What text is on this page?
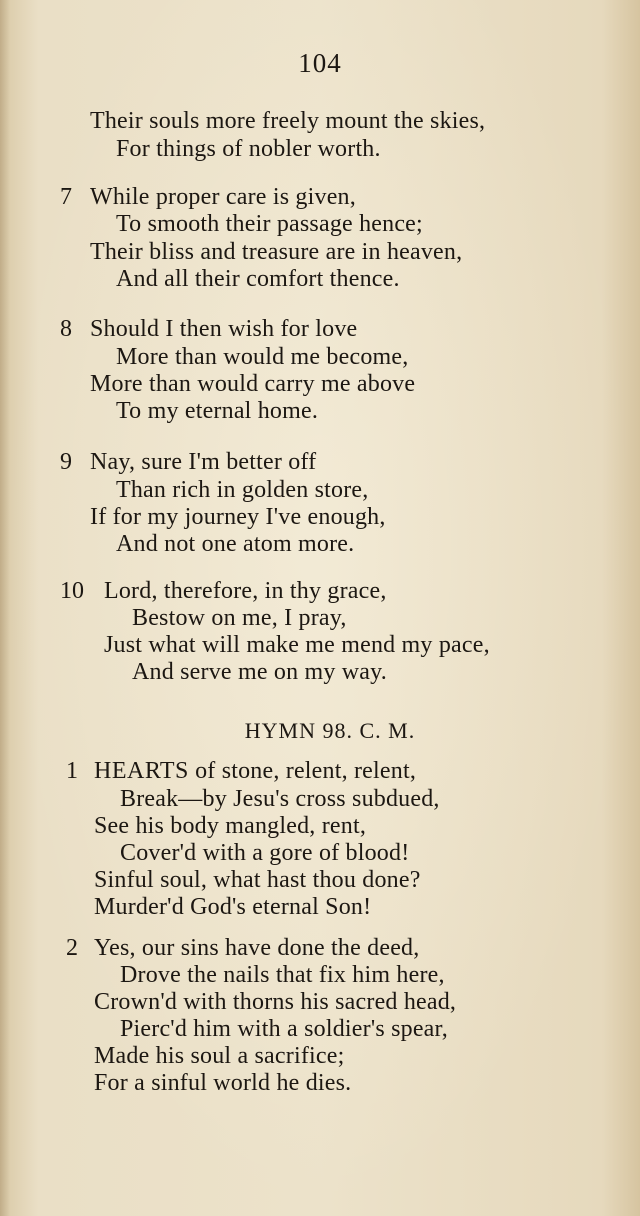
104
Their souls more freely mount the skies,
For things of nobler worth.
7 While proper care is given,
To smooth their passage hence;
Their bliss and treasure are in heaven,
And all their comfort thence.
8 Should I then wish for love
More than would me become,
More than would carry me above
To my eternal home.
9 Nay, sure I'm better off
Than rich in golden store,
If for my journey I've enough,
And not one atom more.
10 Lord, therefore, in thy grace,
Bestow on me, I pray,
Just what will make me mend my pace,
And serve me on my way.
HYMN 98. C. M.
1 HEARTS of stone, relent, relent,
Break—by Jesu's cross subdued,
See his body mangled, rent,
Cover'd with a gore of blood!
Sinful soul, what hast thou done?
Murder'd God's eternal Son!
2 Yes, our sins have done the deed,
Drove the nails that fix him here,
Crown'd with thorns his sacred head,
Pierc'd him with a soldier's spear,
Made his soul a sacrifice;
For a sinful world he dies.
